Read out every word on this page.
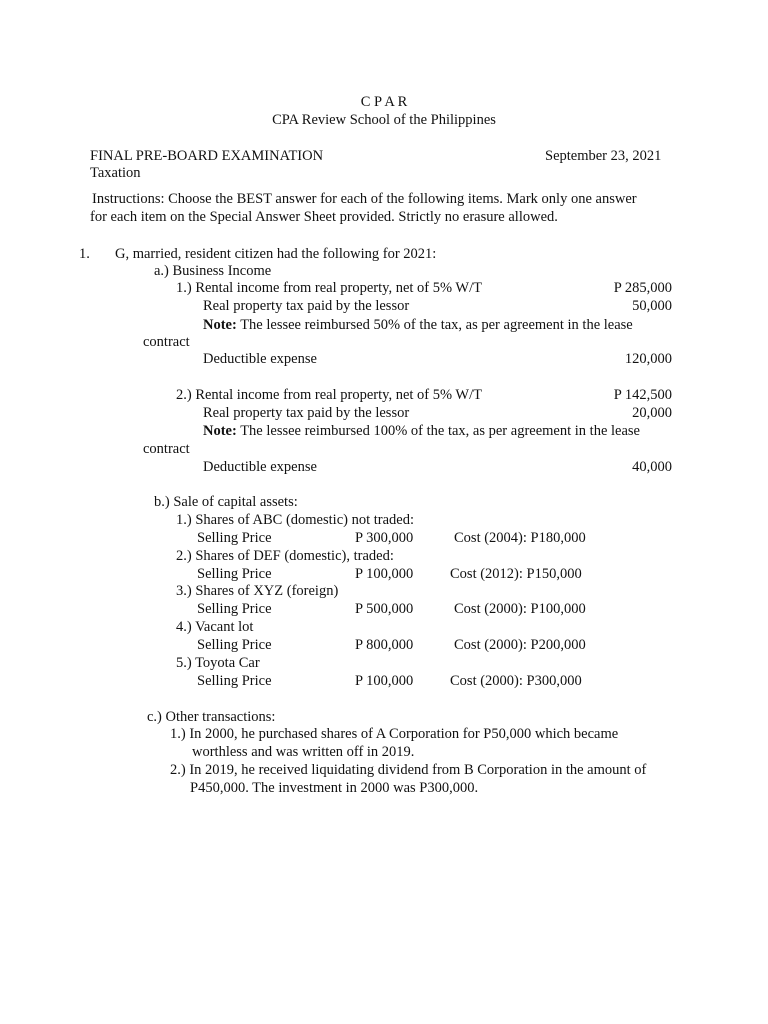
C P A R
CPA Review School of the Philippines
FINAL PRE-BOARD EXAMINATION	September 23, 2021
Taxation
Instructions: Choose the BEST answer for each of the following items. Mark only one answer
for each item on the Special Answer Sheet provided. Strictly no erasure allowed.
1. G, married, resident citizen had the following for 2021:
a.) Business Income
1.) Rental income from real property, net of 5% W/T	P 285,000
Real property tax paid by the lessor	50,000
Note: The lessee reimbursed 50% of the tax, as per agreement in the lease
contract
Deductible expense	120,000
2.) Rental income from real property, net of 5% W/T	P 142,500
Real property tax paid by the lessor	20,000
Note: The lessee reimbursed 100% of the tax, as per agreement in the lease
contract
Deductible expense	40,000
b.) Sale of capital assets:
1.) Shares of ABC (domestic) not traded:
Selling Price	P 300,000	Cost (2004): P180,000
2.) Shares of DEF (domestic), traded:
Selling Price	P 100,000	Cost (2012): P150,000
3.) Shares of XYZ (foreign)
Selling Price	P 500,000	Cost (2000): P100,000
4.) Vacant lot
Selling Price	P 800,000	Cost (2000): P200,000
5.) Toyota Car
Selling Price	P 100,000	Cost (2000): P300,000
c.) Other transactions:
1.) In 2000, he purchased shares of A Corporation for P50,000 which became
worthless and was written off in 2019.
2.) In 2019, he received liquidating dividend from B Corporation in the amount of
P450,000. The investment in 2000 was P300,000.
